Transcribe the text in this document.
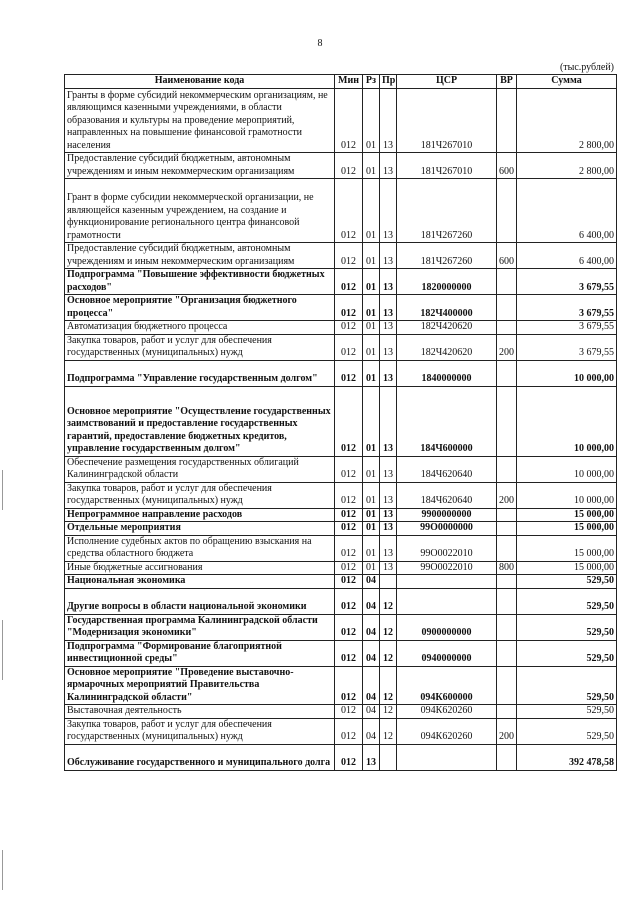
8
(тыс.рублей)
Наименование кода	Мин	Рз	Пр	ЦСР	ВР	Сумма
Гранты в форме субсидий некоммерческим организациям, не являющимся казенными учреждениями, в области образования и культуры на проведение мероприятий, направленных на повышение финансовой грамотности населения	012	01	13	181Ч267010		2 800,00
Предоставление субсидий бюджетным, автономным учреждениям и иным некоммерческим организациям	012	01	13	181Ч267010	600	2 800,00
Грант в форме субсидии некоммерческой организации, не являющейся казенным учреждением, на создание и функционирование регионального центра финансовой грамотности	012	01	13	181Ч267260		6 400,00
Предоставление субсидий бюджетным, автономным учреждениям и иным некоммерческим организациям	012	01	13	181Ч267260	600	6 400,00
Подпрограмма "Повышение эффективности бюджетных расходов"	012	01	13	1820000000		3 679,55
Основное мероприятие "Организация бюджетного процесса"	012	01	13	182Ч400000		3 679,55
Автоматизация бюджетного процесса	012	01	13	182Ч420620		3 679,55
Закупка товаров, работ и услуг для обеспечения государственных (муниципальных) нужд	012	01	13	182Ч420620	200	3 679,55
Подпрограмма "Управление государственным долгом"	012	01	13	1840000000		10 000,00
Основное мероприятие "Осуществление государственных заимствований и предоставление государственных гарантий, предоставление бюджетных кредитов, управление государственным долгом"	012	01	13	184Ч600000		10 000,00
Обеспечение размещения государственных облигаций Калининградской области	012	01	13	184Ч620640		10 000,00
Закупка товаров, работ и услуг для обеспечения государственных (муниципальных) нужд	012	01	13	184Ч620640	200	10 000,00
Непрограммное направление расходов	012	01	13	9900000000		15 000,00
Отдельные мероприятия	012	01	13	99О0000000		15 000,00
Исполнение судебных актов по обращению взыскания на средства областного бюджета	012	01	13	99О0022010		15 000,00
Иные бюджетные ассигнования	012	01	13	99О0022010	800	15 000,00
Национальная экономика	012	04				529,50
Другие вопросы в области национальной экономики	012	04	12			529,50
Государственная программа Калининградской области "Модернизация экономики"	012	04	12	0900000000		529,50
Подпрограмма "Формирование благоприятной инвестиционной среды"	012	04	12	0940000000		529,50
Основное мероприятие "Проведение выставочно-ярмарочных мероприятий Правительства Калининградской области"	012	04	12	094К600000		529,50
Выставочная деятельность	012	04	12	094К620260		529,50
Закупка товаров, работ и услуг для обеспечения государственных (муниципальных) нужд	012	04	12	094К620260	200	529,50
Обслуживание государственного и муниципального долга	012	13				392 478,58
